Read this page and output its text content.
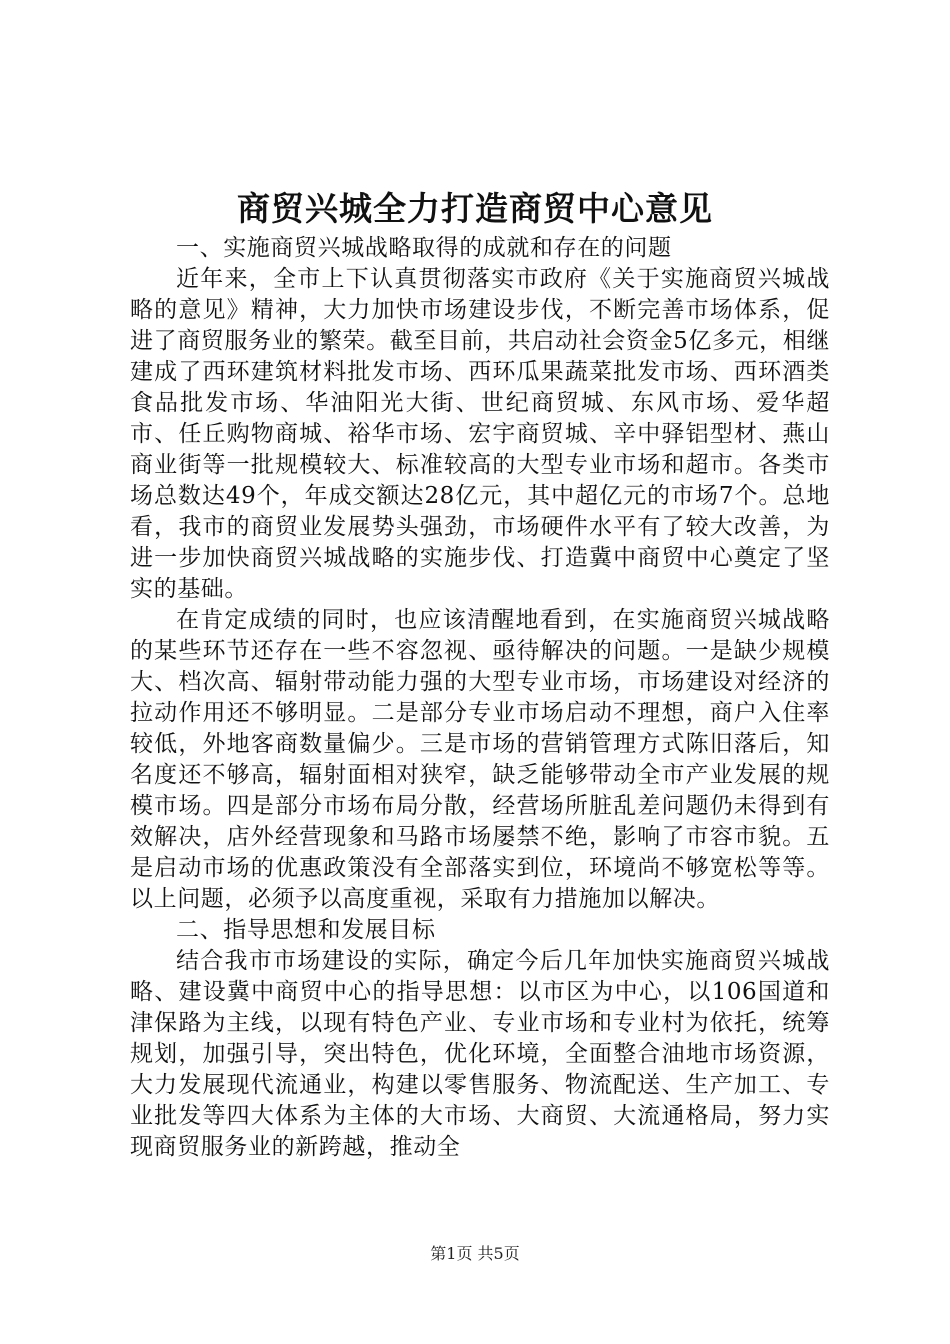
商贸兴城全力打造商贸中心意见

一、实施商贸兴城战略取得的成就和存在的问题

近年来，全市上下认真贯彻落实市政府《关于实施商贸兴城战略的意见》精神，大力加快市场建设步伐，不断完善市场体系，促进了商贸服务业的繁荣。截至目前，共启动社会资金5亿多元，相继建成了西环建筑材料批发市场、西环瓜果蔬菜批发市场、西环酒类食品批发市场、华油阳光大街、世纪商贸城、东风市场、爱华超市、任丘购物商城、裕华市场、宏宇商贸城、辛中驿铝型材、燕山商业街等一批规模较大、标准较高的大型专业市场和超市。各类市场总数达49个，年成交额达28亿元，其中超亿元的市场7个。总地看，我市的商贸业发展势头强劲，市场硬件水平有了较大改善，为进一步加快商贸兴城战略的实施步伐、打造冀中商贸中心奠定了坚实的基础。

在肯定成绩的同时，也应该清醒地看到，在实施商贸兴城战略的某些环节还存在一些不容忽视、亟待解决的问题。一是缺少规模大、档次高、辐射带动能力强的大型专业市场，市场建设对经济的拉动作用还不够明显。二是部分专业市场启动不理想，商户入住率较低，外地客商数量偏少。三是市场的营销管理方式陈旧落后，知名度还不够高，辐射面相对狭窄，缺乏能够带动全市产业发展的规模市场。四是部分市场布局分散，经营场所脏乱差问题仍未得到有效解决，店外经营现象和马路市场屡禁不绝，影响了市容市貌。五是启动市场的优惠政策没有全部落实到位，环境尚不够宽松等等。以上问题，必须予以高度重视，采取有力措施加以解决。

二、指导思想和发展目标

结合我市市场建设的实际，确定今后几年加快实施商贸兴城战略、建设冀中商贸中心的指导思想：以市区为中心，以106国道和津保路为主线，以现有特色产业、专业市场和专业村为依托，统筹规划，加强引导，突出特色，优化环境，全面整合油地市场资源，大力发展现代流通业，构建以零售服务、物流配送、生产加工、专业批发等四大体系为主体的大市场、大商贸、大流通格局，努力实现商贸服务业的新跨越，推动全

第1页 共5页
